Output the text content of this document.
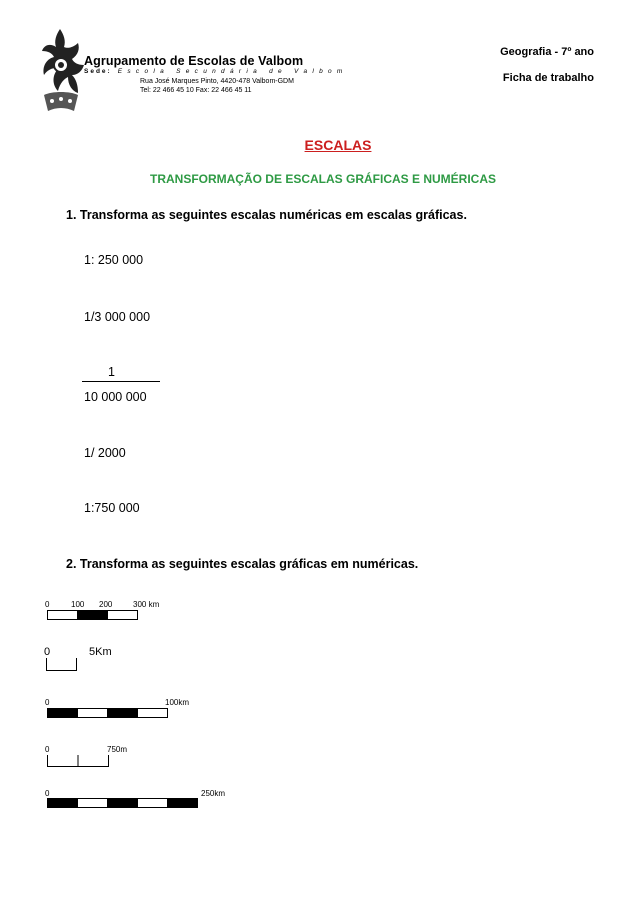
Agrupamento de Escolas de Valbom
Sede: Escola Secundária de Valbom
Rua José Marques Pinto, 4420-478 Valbom-GDM
Tel: 22 466 45 10 Fax: 22 466 45 11
Geografia - 7º ano
Ficha de trabalho
ESCALAS
TRANSFORMAÇÃO DE ESCALAS GRÁFICAS E NUMÉRICAS
1. Transforma as seguintes escalas numéricas em escalas gráficas.
1: 250 000
1/3 000 000
1
10 000 000
1/ 2000
1:750 000
2. Transforma as seguintes escalas gráficas em numéricas.
0	100 200	300 km
0	5Km
0	100km
0	750m
0	250km
